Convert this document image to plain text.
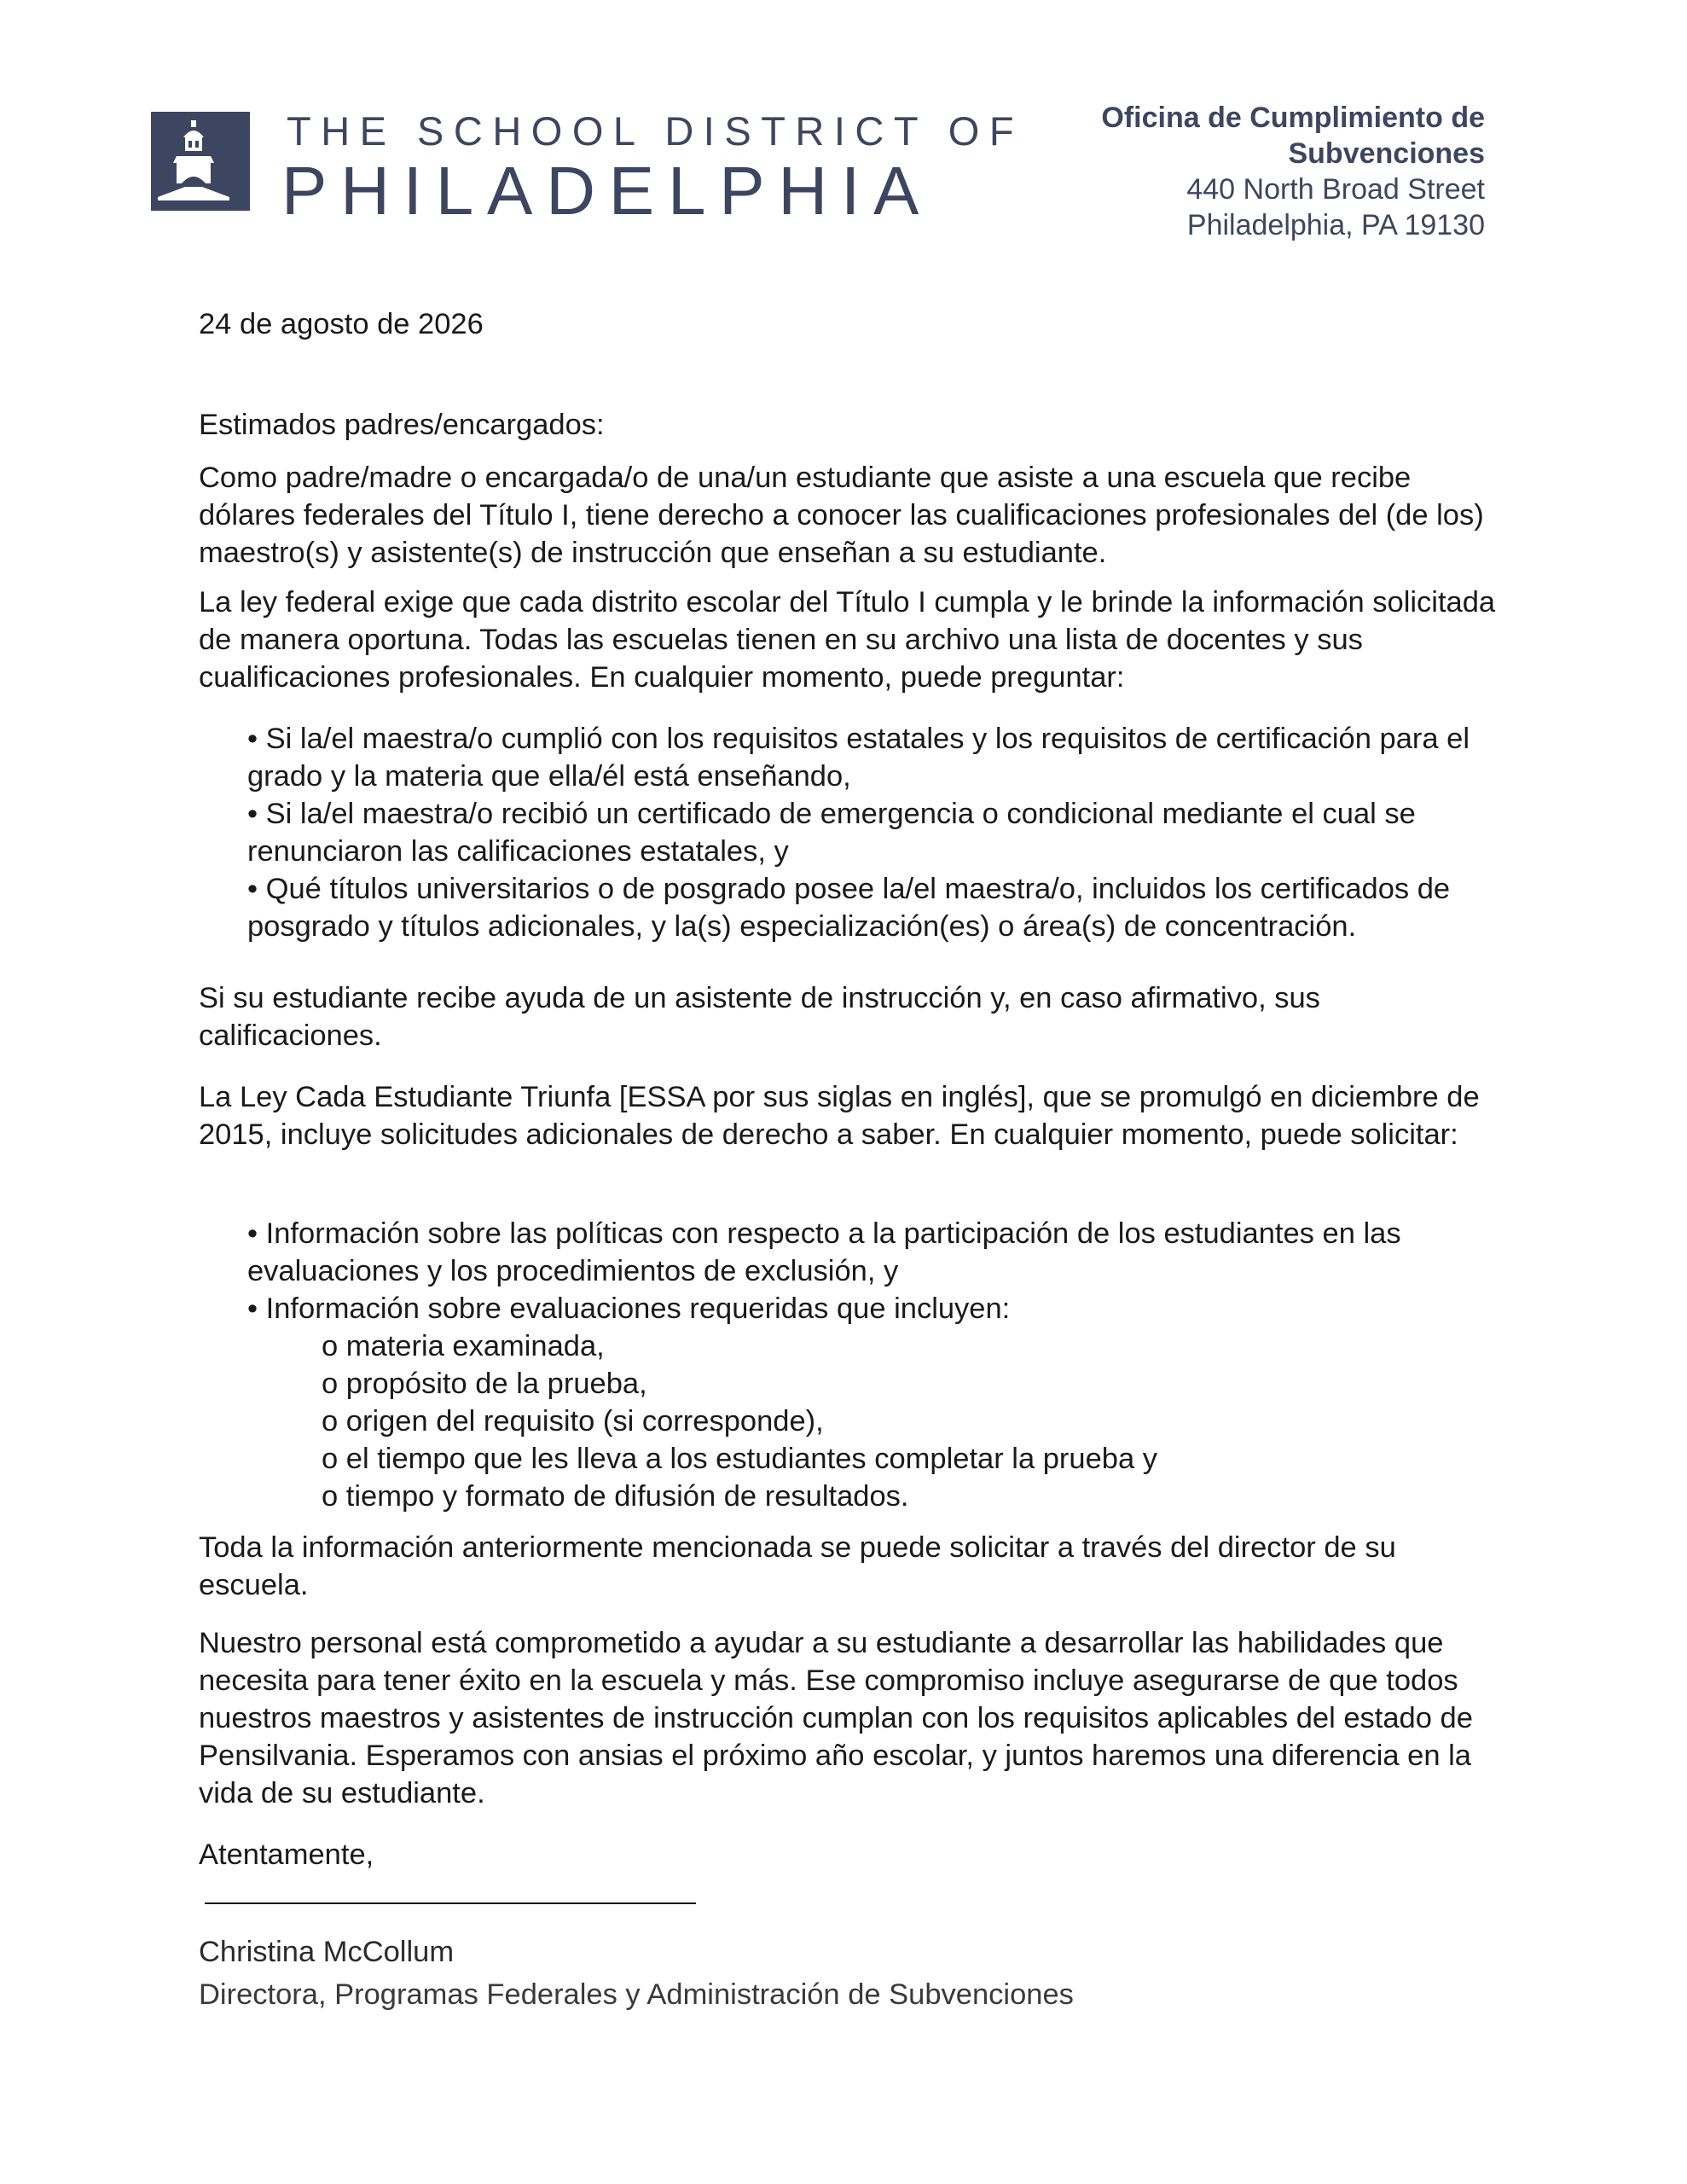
THE SCHOOL DISTRICT OF
PHILADELPHIA
Oficina de Cumplimiento de Subvenciones
440 North Broad Street
Philadelphia, PA 19130
24 de agosto de 2026
Estimados padres/encargados:
Como padre/madre o encargada/o de una/un estudiante que asiste a una escuela que recibe dólares federales del Título I, tiene derecho a conocer las cualificaciones profesionales del (de los) maestro(s) y asistente(s) de instrucción que enseñan a su estudiante.
La ley federal exige que cada distrito escolar del Título I cumpla y le brinde la información solicitada de manera oportuna. Todas las escuelas tienen en su archivo una lista de docentes y sus cualificaciones profesionales. En cualquier momento, puede preguntar:
• Si la/el maestra/o cumplió con los requisitos estatales y los requisitos de certificación para el grado y la materia que ella/él está enseñando,
• Si la/el maestra/o recibió un certificado de emergencia o condicional mediante el cual se renunciaron las calificaciones estatales, y
• Qué títulos universitarios o de posgrado posee la/el maestra/o, incluidos los certificados de posgrado y títulos adicionales, y la(s) especialización(es) o área(s) de concentración.
Si su estudiante recibe ayuda de un asistente de instrucción y, en caso afirmativo, sus calificaciones.
La Ley Cada Estudiante Triunfa [ESSA por sus siglas en inglés], que se promulgó en diciembre de 2015, incluye solicitudes adicionales de derecho a saber. En cualquier momento, puede solicitar:
• Información sobre las políticas con respecto a la participación de los estudiantes en las evaluaciones y los procedimientos de exclusión, y
• Información sobre evaluaciones requeridas que incluyen:
o materia examinada,
o propósito de la prueba,
o origen del requisito (si corresponde),
o el tiempo que les lleva a los estudiantes completar la prueba y
o tiempo y formato de difusión de resultados.
Toda la información anteriormente mencionada se puede solicitar a través del director de su escuela.
Nuestro personal está comprometido a ayudar a su estudiante a desarrollar las habilidades que necesita para tener éxito en la escuela y más. Ese compromiso incluye asegurarse de que todos nuestros maestros y asistentes de instrucción cumplan con los requisitos aplicables del estado de Pensilvania. Esperamos con ansias el próximo año escolar, y juntos haremos una diferencia en la vida de su estudiante.
Atentamente,
Christina McCollum
Directora, Programas Federales y Administración de Subvenciones
